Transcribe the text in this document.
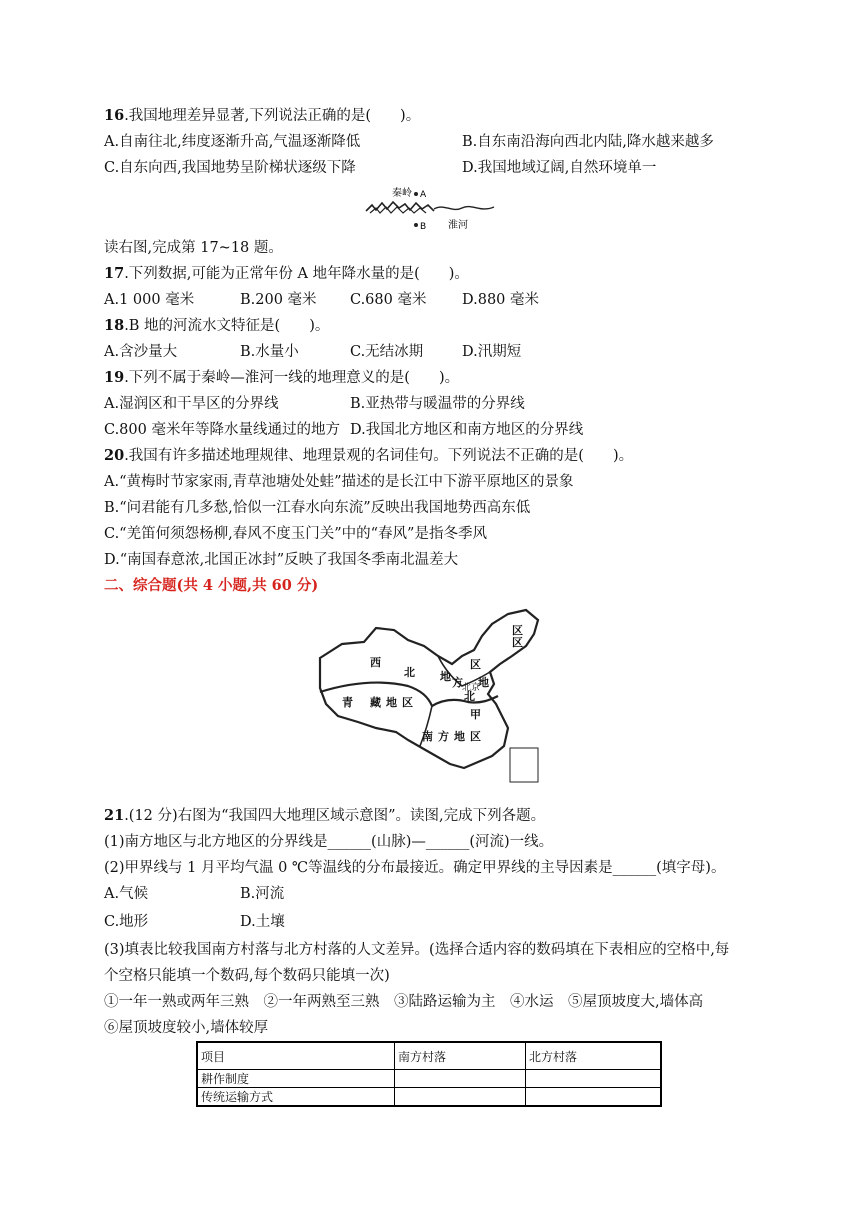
16.我国地理差异显著,下列说法正确的是(　　)。
A.自南往北,纬度逐渐升高,气温逐渐降低	B.自东南沿海向西北内陆,降水越来越多
C.自东向西,我国地势呈阶梯状逐级下降	D.我国地域辽阔,自然环境单一
秦岭 A
B 淮河
读右图,完成第 17~18 题。
17.下列数据,可能为正常年份 A 地年降水量的是(　　)。
A.1 000 毫米	B.200 毫米 C.680 毫米 D.880 毫米
18.B 地的河流水文特征是(　　)。
A.含沙量大	B.水量小	C.无结冰期	D.汛期短
19.下列不属于秦岭—淮河一线的地理意义的是(　　)。
A.湿润区和干旱区的分界线	B.亚热带与暖温带的分界线
C.800 毫米年等降水量线通过的地方 D.我国北方地区和南方地区的分界线
20.我国有许多描述地理规律、地理景观的名词佳句。下列说法不正确的是(　　)。
A.“黄梅时节家家雨,青草池塘处处蛙”描述的是长江中下游平原地区的景象
B.“问君能有几多愁,恰似一江春水向东流”反映出我国地势西高东低
C.“羌笛何须怨杨柳,春风不度玉门关”中的“春风”是指冬季风
D.“南国春意浓,北国正冰封”反映了我国冬季南北温差大
二、综合题(共 4 小题,共 60 分)
西
北 地
区
青 藏 地 区	北
方 地
区
甲
南 方 地 区
北京
区
21.(12 分)右图为“我国四大地理区域示意图”。读图,完成下列各题。
(1)南方地区与北方地区的分界线是______(山脉)—______(河流)一线。
(2)甲界线与 1 月平均气温 0 ℃等温线的分布最接近。确定甲界线的主导因素是______(填字母)。
A.气候	B.河流
C.地形	D.土壤
(3)填表比较我国南方村落与北方村落的人文差异。(选择合适内容的数码填在下表相应的空格中,每
个空格只能填一个数码,每个数码只能填一次)
①一年一熟或两年三熟　②一年两熟至三熟　③陆路运输为主　④水运　⑤屋顶坡度大,墙体高
⑥屋顶坡度较小,墙体较厚
项目	南方村落	北方村落
耕作制度		
传统运输方式		
